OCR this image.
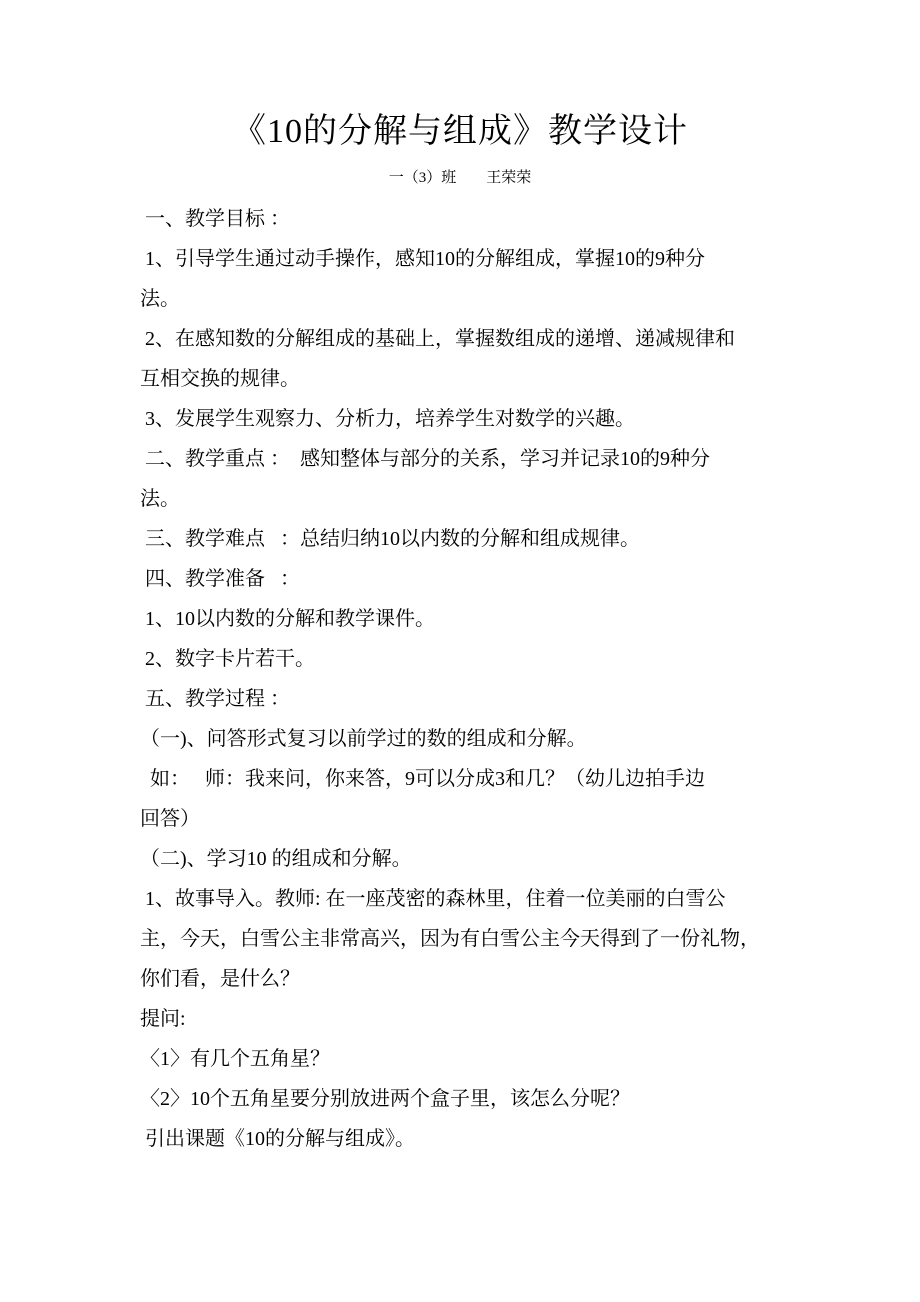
《10的分解与组成》教学设计
一（3）班        王荣荣
一、教学目标 ：
1、引导学生通过动手操作，感知10的分解组成，掌握10的9种分
法。
2、在感知数的分解组成的基础上，掌握数组成的递增、递减规律和
互相交换的规律。
3、发展学生观察力、分析力，培养学生对数学的兴趣。
二、教学重点 ：  感知整体与部分的关系，学习并记录10的9种分
法。
三、教学难点   ：总结归纳10以内数的分解和组成规律。
四、教学准备   ：
1、10以内数的分解和教学课件。
2、数字卡片若干。
五、教学过程 ：
（一)、问答形式复习以前学过的数的组成和分解。
如：   师：我来问，你来答，9可以分成3和几？（幼儿边拍手边
回答）
（二)、学习10 的组成和分解。
1、故事导入。教师: 在一座茂密的森林里，住着一位美丽的白雪公
主，今天，白雪公主非常高兴，因为有白雪公主今天得到了一份礼物，
你们看，是什么？
提问:
〈1〉有几个五角星？
〈2〉10个五角星要分别放进两个盒子里，该怎么分呢？
引出课题《10的分解与组成》。
